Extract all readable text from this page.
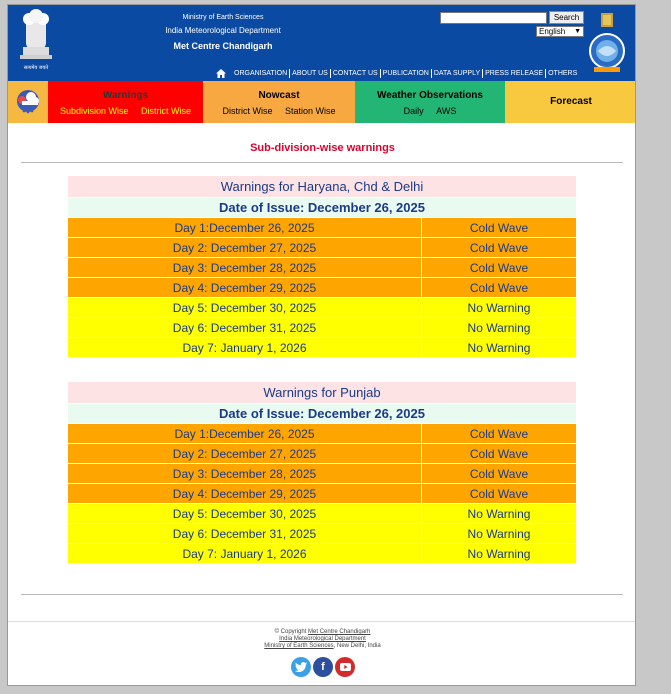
सत्यमेव जयते
Ministry of Earth Sciences
India Meteorological Department
Met Centre Chandigarh
Search
English ▼
ORGANISATION ABOUT US CONTACT US PUBLICATION DATA SUPPLY PRESS RELEASE OTHERS
Warnings
Subdivision Wise District Wise
Nowcast
District Wise Station Wise
Weather Observations
Daily AWS
Forecast
Sub-division-wise warnings
Warnings for Haryana, Chd & Delhi	
Date of Issue: December 26, 2025	
Day 1:December 26, 2025	Cold Wave
Day 2: December 27, 2025	Cold Wave
Day 3: December 28, 2025	Cold Wave
Day 4: December 29, 2025	Cold Wave
Day 5: December 30, 2025	No Warning
Day 6: December 31, 2025	No Warning
Day 7: January 1, 2026	No Warning
Warnings for Punjab	
Date of Issue: December 26, 2025	
Day 1:December 26, 2025	Cold Wave
Day 2: December 27, 2025	Cold Wave
Day 3: December 28, 2025	Cold Wave
Day 4: December 29, 2025	Cold Wave
Day 5: December 30, 2025	No Warning
Day 6: December 31, 2025	No Warning
Day 7: January 1, 2026	No Warning
© Copyright Met Centre Chandigarh
India Meteorological Department
Ministry of Earth Sciences, New Delhi, India
f
